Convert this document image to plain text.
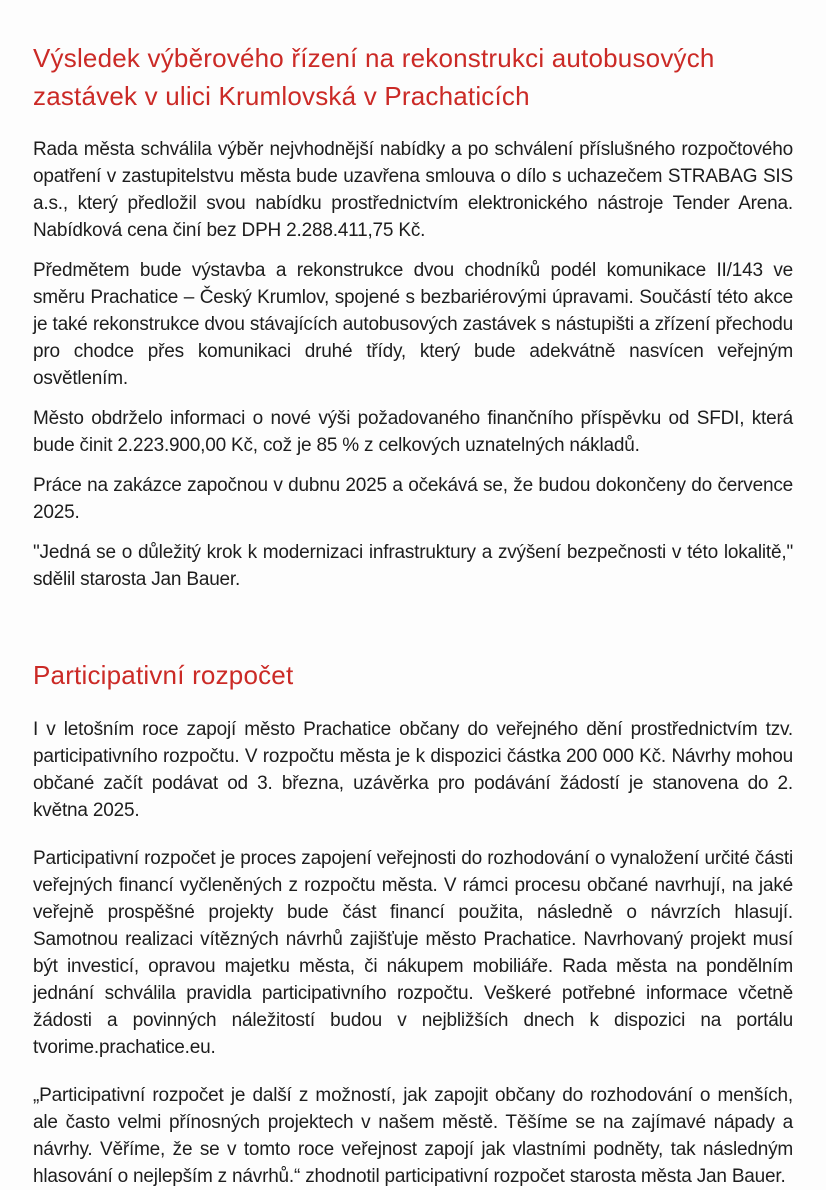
Výsledek výběrového řízení na rekonstrukci autobusových zastávek v ulici Krumlovská v Prachaticích

Rada města schválila výběr nejvhodnější nabídky a po schválení příslušného rozpočtového opatření v zastupitelstvu města bude uzavřena smlouva o dílo s uchazečem STRABAG SIS a.s., který předložil svou nabídku prostřednictvím elektronického nástroje Tender Arena. Nabídková cena činí bez DPH 2.288.411,75 Kč.

Předmětem bude výstavba a rekonstrukce dvou chodníků podél komunikace II/143 ve směru Prachatice – Český Krumlov, spojené s bezbariérovými úpravami. Součástí této akce je také rekonstrukce dvou stávajících autobusových zastávek s nástupišti a zřízení přechodu pro chodce přes komunikaci druhé třídy, který bude adekvátně nasvícen veřejným osvětlením.

Město obdrželo informaci o nové výši požadovaného finančního příspěvku od SFDI, která bude činit 2.223.900,00 Kč, což je 85 % z celkových uznatelných nákladů.

Práce na zakázce započnou v dubnu 2025 a očekává se, že budou dokončeny do července 2025.

"Jedná se o důležitý krok k modernizaci infrastruktury a zvýšení bezpečnosti v této lokalitě," sdělil starosta Jan Bauer.

Participativní rozpočet

I v letošním roce zapojí město Prachatice občany do veřejného dění prostřednictvím tzv. participativního rozpočtu. V rozpočtu města je k dispozici částka 200 000 Kč. Návrhy mohou občané začít podávat od 3. března, uzávěrka pro podávání žádostí je stanovena do 2. května 2025.

Participativní rozpočet je proces zapojení veřejnosti do rozhodování o vynaložení určité části veřejných financí vyčleněných z rozpočtu města. V rámci procesu občané navrhují, na jaké veřejně prospěšné projekty bude část financí použita, následně o návrzích hlasují. Samotnou realizaci vítězných návrhů zajišťuje město Prachatice. Navrhovaný projekt musí být investicí, opravou majetku města, či nákupem mobiliáře. Rada města na pondělním jednání schválila pravidla participativního rozpočtu. Veškeré potřebné informace včetně žádosti a povinných náležitostí budou v nejbližších dnech k dispozici na portálu tvorime.prachatice.eu.

„Participativní rozpočet je další z možností, jak zapojit občany do rozhodování o menších, ale často velmi přínosných projektech v našem městě. Těšíme se na zajímavé nápady a návrhy. Věříme, že se v tomto roce veřejnost zapojí jak vlastními podněty, tak následným hlasování o nejlepším z návrhů.“ zhodnotil participativní rozpočet starosta města Jan Bauer.
